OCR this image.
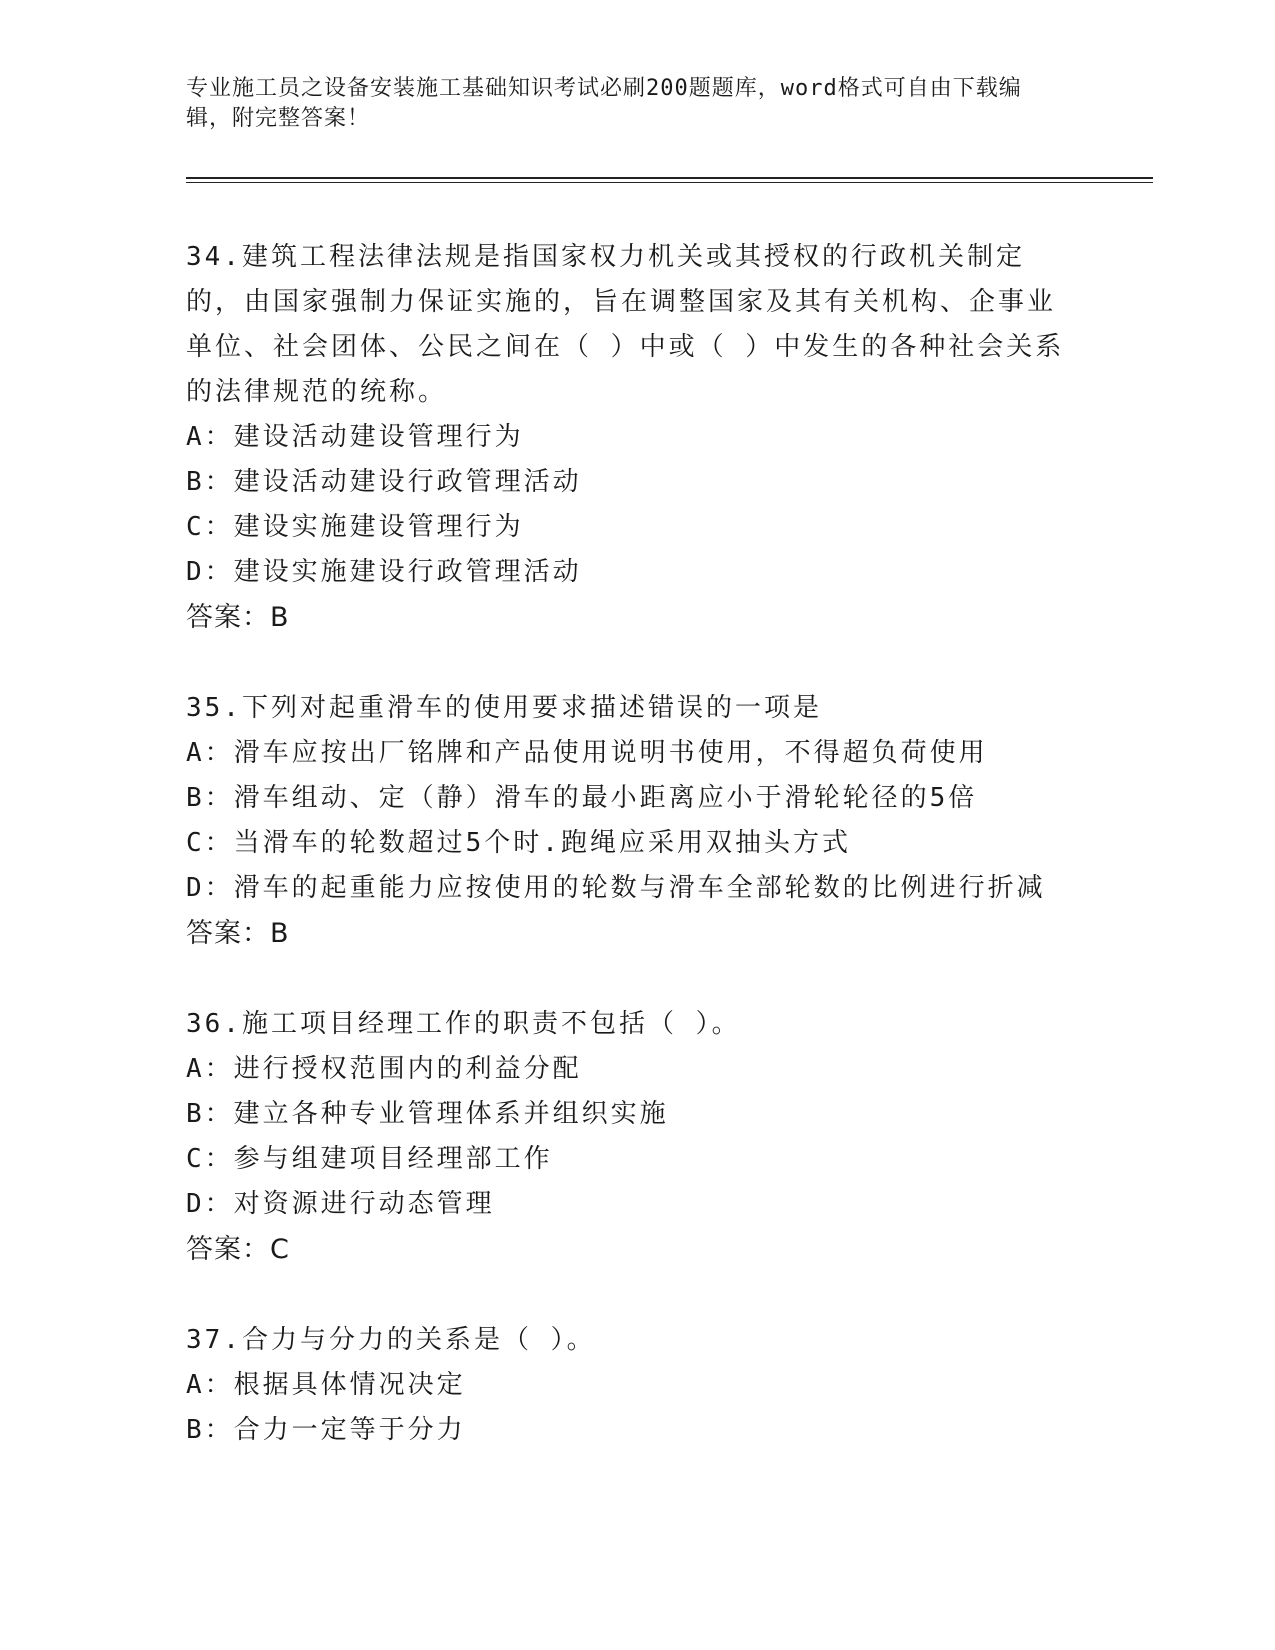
专业施工员之设备安装施工基础知识考试必刷200题题库，word格式可自由下载编辑，附完整答案！
34.建筑工程法律法规是指国家权力机关或其授权的行政机关制定的，由国家强制力保证实施的，旨在调整国家及其有关机构、企事业单位、社会团体、公民之间在（ ）中或（ ）中发生的各种社会关系的法律规范的统称。
A：建设活动建设管理行为
B：建设活动建设行政管理活动
C：建设实施建设管理行为
D：建设实施建设行政管理活动
答案：B
35.下列对起重滑车的使用要求描述错误的一项是
A：滑车应按出厂铭牌和产品使用说明书使用，不得超负荷使用
B：滑车组动、定（静）滑车的最小距离应小于滑轮轮径的5倍
C：当滑车的轮数超过5个时.跑绳应采用双抽头方式
D：滑车的起重能力应按使用的轮数与滑车全部轮数的比例进行折减
答案：B
36.施工项目经理工作的职责不包括（ ）。
A：进行授权范围内的利益分配
B：建立各种专业管理体系并组织实施
C：参与组建项目经理部工作
D：对资源进行动态管理
答案：C
37.合力与分力的关系是（ ）。
A：根据具体情况决定
B：合力一定等于分力
